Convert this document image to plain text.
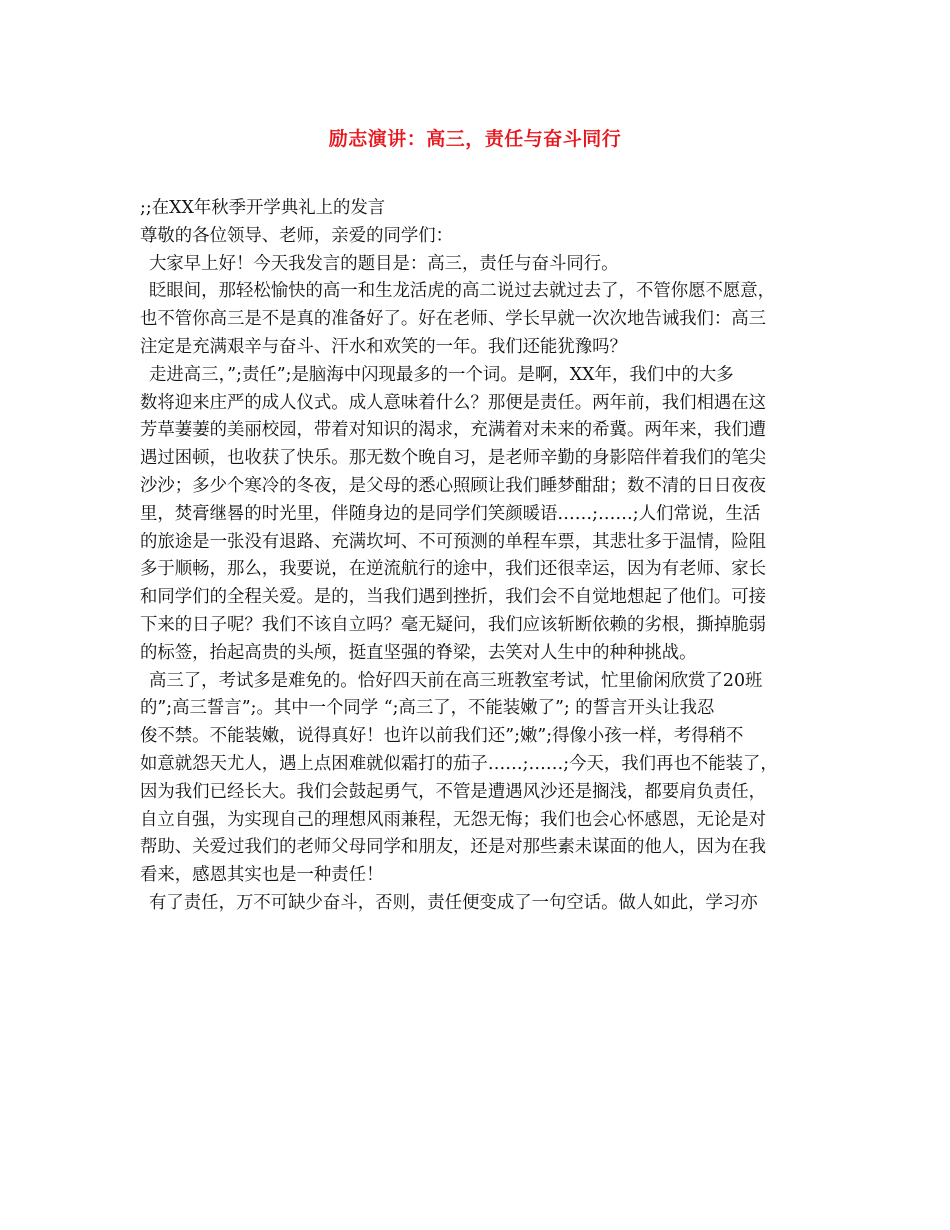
励志演讲：高三，责任与奋斗同行
;;在XX年秋季开学典礼上的发言
尊敬的各位领导、老师，亲爱的同学们：
大家早上好！今天我发言的题目是：高三，责任与奋斗同行。
眨眼间，那轻松愉快的高一和生龙活虎的高二说过去就过去了，不管你愿不愿意，
也不管你高三是不是真的准备好了。好在老师、学长早就一次次地告诫我们：高三
注定是充满艰辛与奋斗、汗水和欢笑的一年。我们还能犹豫吗？
走进高三，”;责任”;是脑海中闪现最多的一个词。是啊，XX年，我们中的大多
数将迎来庄严的成人仪式。成人意味着什么？那便是责任。两年前，我们相遇在这
芳草萋萋的美丽校园，带着对知识的渴求，充满着对未来的希冀。两年来，我们遭
遇过困顿，也收获了快乐。那无数个晚自习，是老师辛勤的身影陪伴着我们的笔尖
沙沙；多少个寒冷的冬夜，是父母的悉心照顾让我们睡梦酣甜；数不清的日日夜夜
里，焚膏继晷的时光里，伴随身边的是同学们笑颜暖语……;……;人们常说，生活
的旅途是一张没有退路、充满坎坷、不可预测的单程车票，其悲壮多于温情，险阻
多于顺畅，那么，我要说，在逆流航行的途中，我们还很幸运，因为有老师、家长
和同学们的全程关爱。是的，当我们遇到挫折，我们会不自觉地想起了他们。可接
下来的日子呢？我们不该自立吗？毫无疑问，我们应该斩断依赖的劣根，撕掉脆弱
的标签，抬起高贵的头颅，挺直坚强的脊梁，去笑对人生中的种种挑战。
高三了，考试多是难免的。恰好四天前在高三班教室考试，忙里偷闲欣赏了20班
的”;高三誓言”;。其中一个同学 “;高三了，不能装嫩了”; 的誓言开头让我忍
俊不禁。不能装嫩，说得真好！也许以前我们还”;嫩”;得像小孩一样，考得稍不
如意就怨天尤人，遇上点困难就似霜打的茄子……;……;今天，我们再也不能装了，
因为我们已经长大。我们会鼓起勇气，不管是遭遇风沙还是搁浅，都要肩负责任，
自立自强，为实现自己的理想风雨兼程，无怨无悔；我们也会心怀感恩，无论是对
帮助、关爱过我们的老师父母同学和朋友，还是对那些素未谋面的他人，因为在我
看来，感恩其实也是一种责任！
有了责任，万不可缺少奋斗，否则，责任便变成了一句空话。做人如此，学习亦
